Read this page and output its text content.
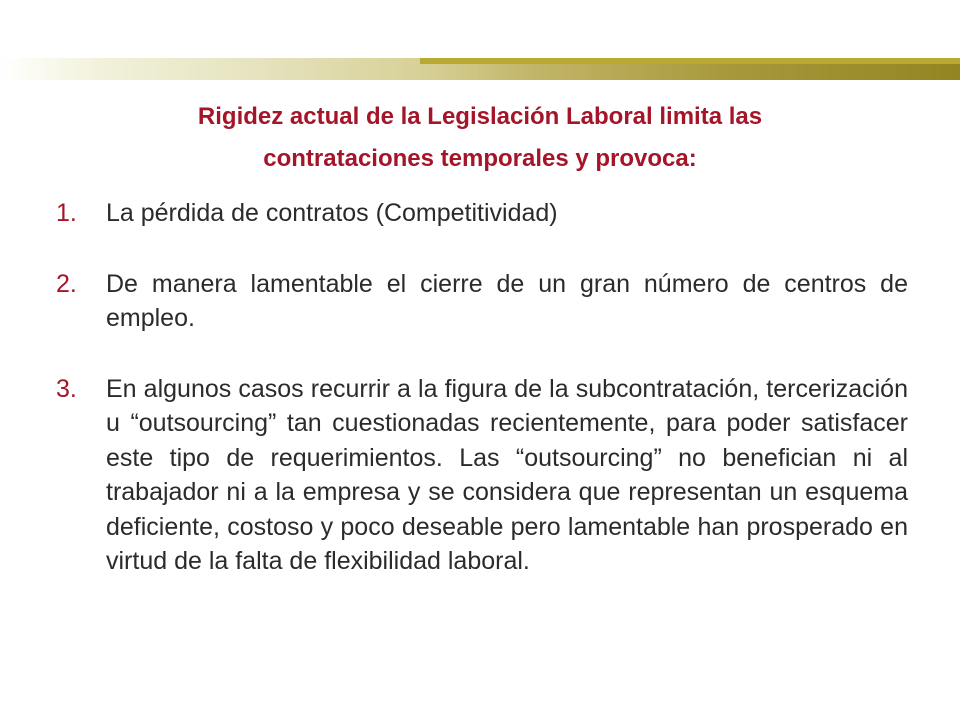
Rigidez actual de la Legislación Laboral limita las
contrataciones temporales y provoca:
1.	La pérdida de contratos (Competitividad)
2.	De manera lamentable el cierre de un gran número de centros de empleo.
3.	En algunos casos recurrir a la figura de la subcontratación, tercerización u “outsourcing” tan cuestionadas recientemente, para poder satisfacer este tipo de requerimientos. Las “outsourcing” no benefician ni al trabajador ni a la empresa y se considera que representan un esquema deficiente, costoso y poco deseable pero lamentable han prosperado en virtud de la falta de flexibilidad laboral.
